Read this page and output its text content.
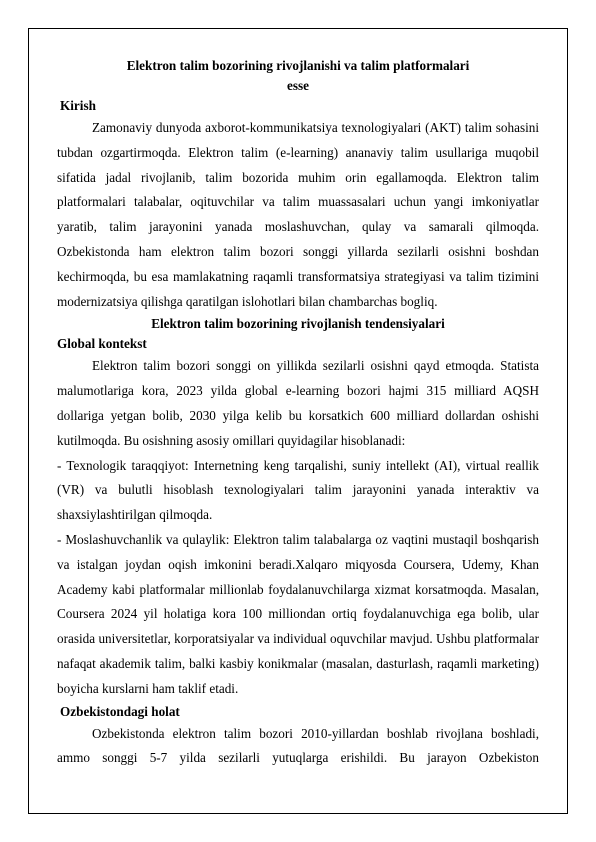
Elektron talim bozorining rivojlanishi va talim platformalari

esse

Kirish

Zamonaviy dunyoda axborot-kommunikatsiya texnologiyalari (AKT) talim sohasini tubdan ozgartirmoqda. Elektron talim (e-learning) ananaviy talim usullariga muqobil sifatida jadal rivojlanib, talim bozorida muhim orin egallamoqda. Elektron talim platformalari talabalar, oqituvchilar va talim muassasalari uchun yangi imkoniyatlar yaratib, talim jarayonini yanada moslashuvchan, qulay va samarali qilmoqda. Ozbekistonda ham elektron talim bozori songgi yillarda sezilarli osishni boshdan kechirmoqda, bu esa mamlakatning raqamli transformatsiya strategiyasi va talim tizimini modernizatsiya qilishga qaratilgan islohotlari bilan chambarchas bogliq.

Elektron talim bozorining rivojlanish tendensiyalari

Global kontekst

Elektron talim bozori songgi on yillikda sezilarli osishni qayd etmoqda. Statista malumotlariga kora, 2023 yilda global e-learning bozori hajmi 315 milliard AQSH dollariga yetgan bolib, 2030 yilga kelib bu korsatkich 600 milliard dollardan oshishi kutilmoqda. Bu osishning asosiy omillari quyidagilar hisoblanadi:

- Texnologik taraqqiyot: Internetning keng tarqalishi, suniy intellekt (AI), virtual reallik (VR) va bulutli hisoblash texnologiyalari talim jarayonini yanada interaktiv va shaxsiylashtirilgan qilmoqda.

- Moslashuvchanlik va qulaylik: Elektron talim talabalarga oz vaqtini mustaqil boshqarish va istalgan joydan oqish imkonini beradi.Xalqaro miqyosda Coursera, Udemy, Khan Academy kabi platformalar millionlab foydalanuvchilarga xizmat korsatmoqda. Masalan, Coursera 2024 yil holatiga kora 100 milliondan ortiq foydalanuvchiga ega bolib, ular orasida universitetlar, korporatsiyalar va individual oquvchilar mavjud. Ushbu platformalar nafaqat akademik talim, balki kasbiy konikmalar (masalan, dasturlash, raqamli marketing) boyicha kurslarni ham taklif etadi.

Ozbekistondagi holat

Ozbekistonda elektron talim bozori 2010-yillardan boshlab rivojlana boshladi, ammo songgi 5-7 yilda sezilarli yutuqlarga erishildi. Bu jarayon Ozbekiston
